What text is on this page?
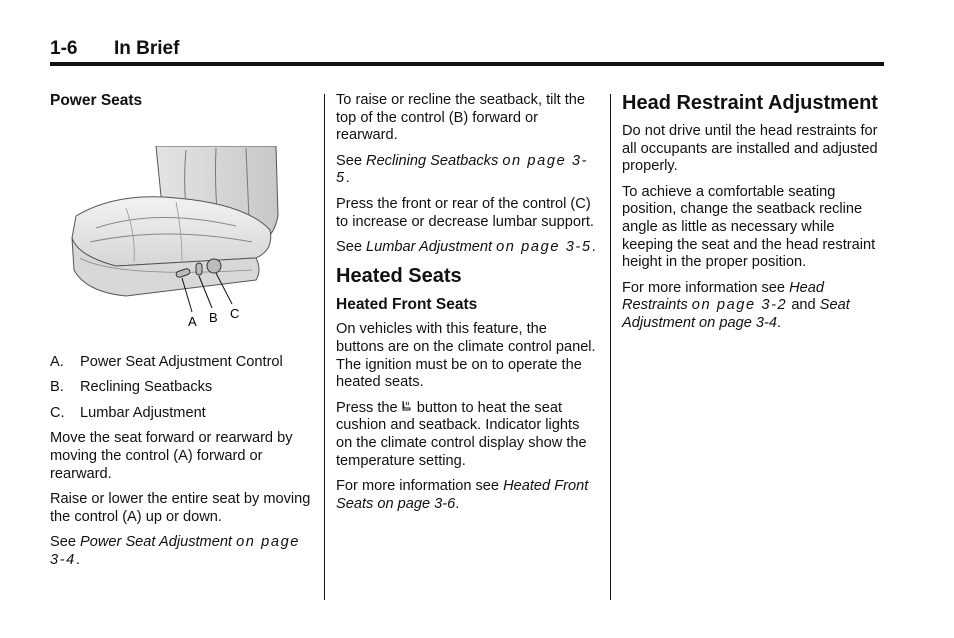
1-6 In Brief
Power Seats
A B C
A.	Power Seat Adjustment Control
B.	Reclining Seatbacks
C.	Lumbar Adjustment

Move the seat forward or rearward by moving the control (A) forward or rearward.

Raise or lower the entire seat by moving the control (A) up or down.

See Power Seat Adjustment on page 3-4.

To raise or recline the seatback, tilt the top of the control (B) forward or rearward.

See Reclining Seatbacks on page 3-5.

Press the front or rear of the control (C) to increase or decrease lumbar support.

See Lumbar Adjustment on page 3-5.

Heated Seats
Heated Front Seats

On vehicles with this feature, the buttons are on the climate control panel. The ignition must be on to operate the heated seats.

Press the button to heat the seat cushion and seatback. Indicator lights on the climate control display show the temperature setting.

For more information see Heated Front Seats on page 3-6.

Head Restraint Adjustment

Do not drive until the head restraints for all occupants are installed and adjusted properly.

To achieve a comfortable seating position, change the seatback recline angle as little as necessary while keeping the seat and the head restraint height in the proper position.

For more information see Head Restraints on page 3-2 and Seat Adjustment on page 3-4.
